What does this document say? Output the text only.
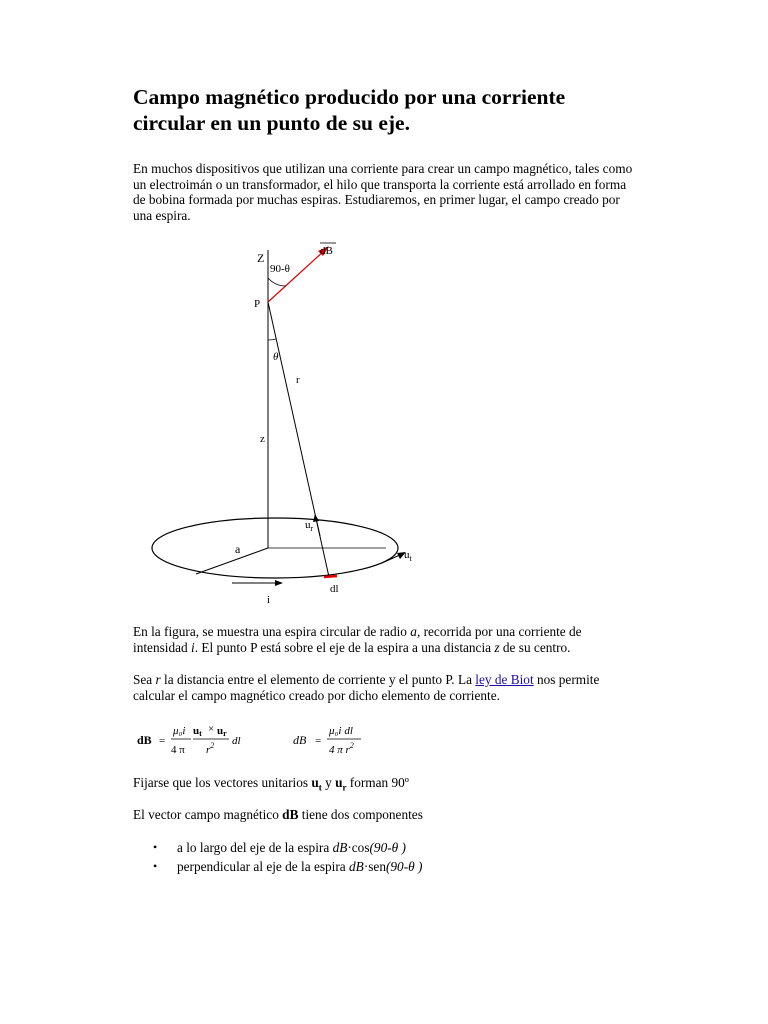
Campo magnético producido por una corriente circular en un punto de su eje.

En muchos dispositivos que utilizan una corriente para crear un campo magnético, tales como un electroimán o un transformador, el hilo que transporta la corriente está arrollado en forma de bobina formada por muchas espiras. Estudiaremos, en primer lugar, el campo creado por una espira.

Z
90-θ
dB
P
θ
r
z
$u_r$
$u_t$
a
dl
i

En la figura, se muestra una espira circular de radio a, recorrida por una corriente de intensidad i. El punto P está sobre el eje de la espira a una distancia z de su centro.

Sea r la distancia entre el elemento de corriente y el punto P. La ley de Biot nos permite calcular el campo magnético creado por dicho elemento de corriente.

dB =
μ₀i
4 π
ut × ur
$r^2$ dl	dB =
μ₀i dl
4 π $r^2$

Fijarse que los vectores unitarios $u_t$ y $u_r$ forman 90º

El vector campo magnético dB tiene dos componentes

• a lo largo del eje de la espira dB·cos(90-θ )
• perpendicular al eje de la espira dB·sen(90-θ )
